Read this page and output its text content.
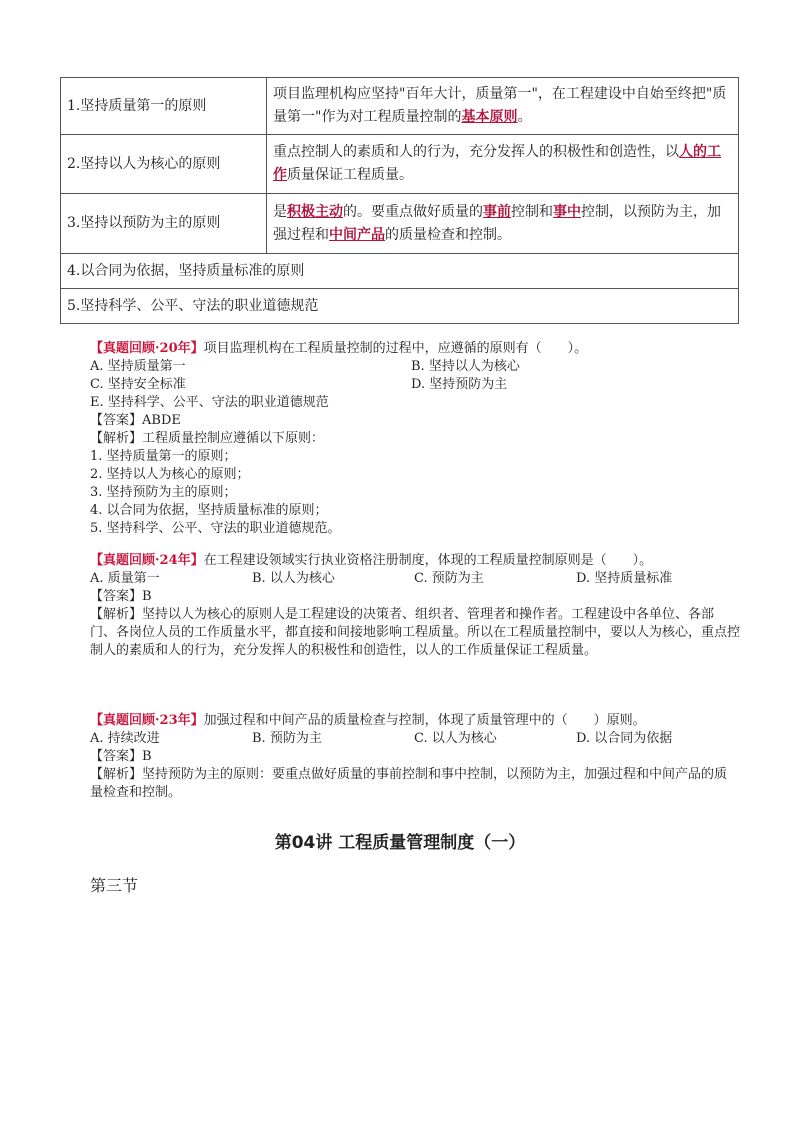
1.坚持质量第一的原则	项目监理机构应坚持"百年大计，质量第一"，在工程建设中自始至终把"质量第一"作为对工程质量控制的基本原则。
2.坚持以人为核心的原则	重点控制人的素质和人的行为，充分发挥人的积极性和创造性，以人的工作质量保证工程质量。
3.坚持以预防为主的原则	是积极主动的。要重点做好质量的事前控制和事中控制，以预防为主，加强过程和中间产品的质量检查和控制。
4.以合同为依据，坚持质量标准的原则	
5.坚持科学、公平、守法的职业道德规范	
【真题回顾·20年】项目监理机构在工程质量控制的过程中，应遵循的原则有（　　）。
A. 坚持质量第一	B. 坚持以人为核心
C. 坚持安全标准	D. 坚持预防为主
E. 坚持科学、公平、守法的职业道德规范
【答案】ABDE
【解析】工程质量控制应遵循以下原则：
1. 坚持质量第一的原则；
2. 坚持以人为核心的原则；
3. 坚持预防为主的原则；
4. 以合同为依据，坚持质量标准的原则；
5. 坚持科学、公平、守法的职业道德规范。
【真题回顾·24年】在工程建设领域实行执业资格注册制度，体现的工程质量控制原则是（　　）。
A. 质量第一	B. 以人为核心	C. 预防为主	D. 坚持质量标准
【答案】B
【解析】坚持以人为核心的原则人是工程建设的决策者、组织者、管理者和操作者。工程建设中各单位、各部门、各岗位人员的工作质量水平，都直接和间接地影响工程质量。所以在工程质量控制中，要以人为核心，重点控制人的素质和人的行为，充分发挥人的积极性和创造性，以人的工作质量保证工程质量。
【真题回顾·23年】加强过程和中间产品的质量检查与控制，体现了质量管理中的（　　）原则。
A. 持续改进	B. 预防为主	C. 以人为核心	D. 以合同为依据
【答案】B
【解析】坚持预防为主的原则：要重点做好质量的事前控制和事中控制，以预防为主，加强过程和中间产品的质量检查和控制。
第04讲 工程质量管理制度（一）
第三节
